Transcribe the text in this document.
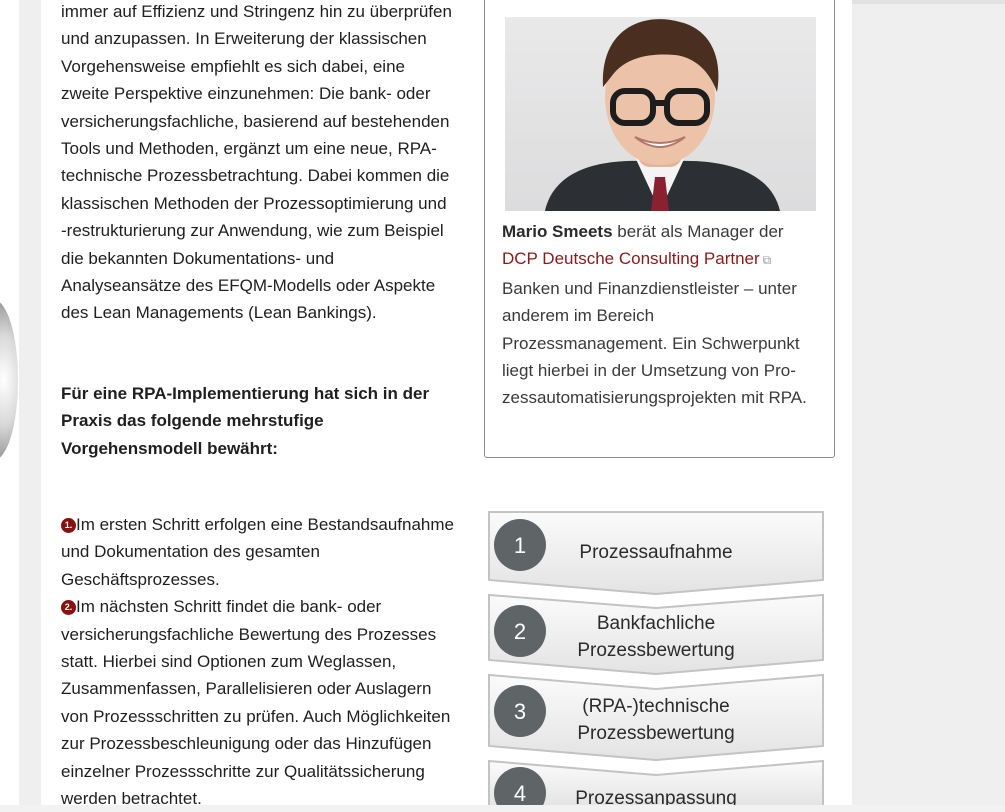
immer auf Effizienz und Stringenz hin zu überprüfen und anzupassen. In Erweiterung der klassischen Vorgehensweise empfiehlt es sich dabei, eine zweite Perspektive einzunehmen: Die bank- oder versicherungsfachliche, basierend auf bestehenden Tools und Methoden, ergänzt um eine neue, RPA-technische Prozessbetrachtung. Dabei kommen die klassischen Methoden der Prozessoptimierung und -restrukturierung zur Anwendung, wie zum Beispiel die bekannten Dokumentations- und Analyseansätze des EFQM-Modells oder Aspekte des Lean Managements (Lean Bankings).
Für eine RPA-Implementierung hat sich in der Praxis das folgende mehrstufige Vorgehensmodell bewährt:
1. Im ersten Schritt erfolgen eine Bestandsaufnahme und Dokumentation des gesamten Geschäftsprozesses.
2. Im nächsten Schritt findet die bank- oder versicherungsfachliche Bewertung des Prozesses statt. Hierbei sind Optionen zum Weglassen, Zusammenfassen, Parallelisieren oder Auslagern von Prozessschritten zu prüfen. Auch Möglichkeiten zur Prozessbeschleunigung oder das Hinzufügen einzelner Prozessschritte zur Qualitätssicherung werden betrachtet.
Mario Smeets berät als Manager der DCP Deutsche Consulting Partner ⧉ Banken und Finanzdienstleister – unter anderem im Bereich Prozessmanagement. Ein Schwerpunkt liegt hierbei in der Umsetzung von Prozessautomatisierungsprojekten mit RPA.
1	Prozessaufnahme
2	Bankfachliche
Prozessbewertung
3	(RPA-)technische
Prozessbewertung
4	Prozessanpassung
